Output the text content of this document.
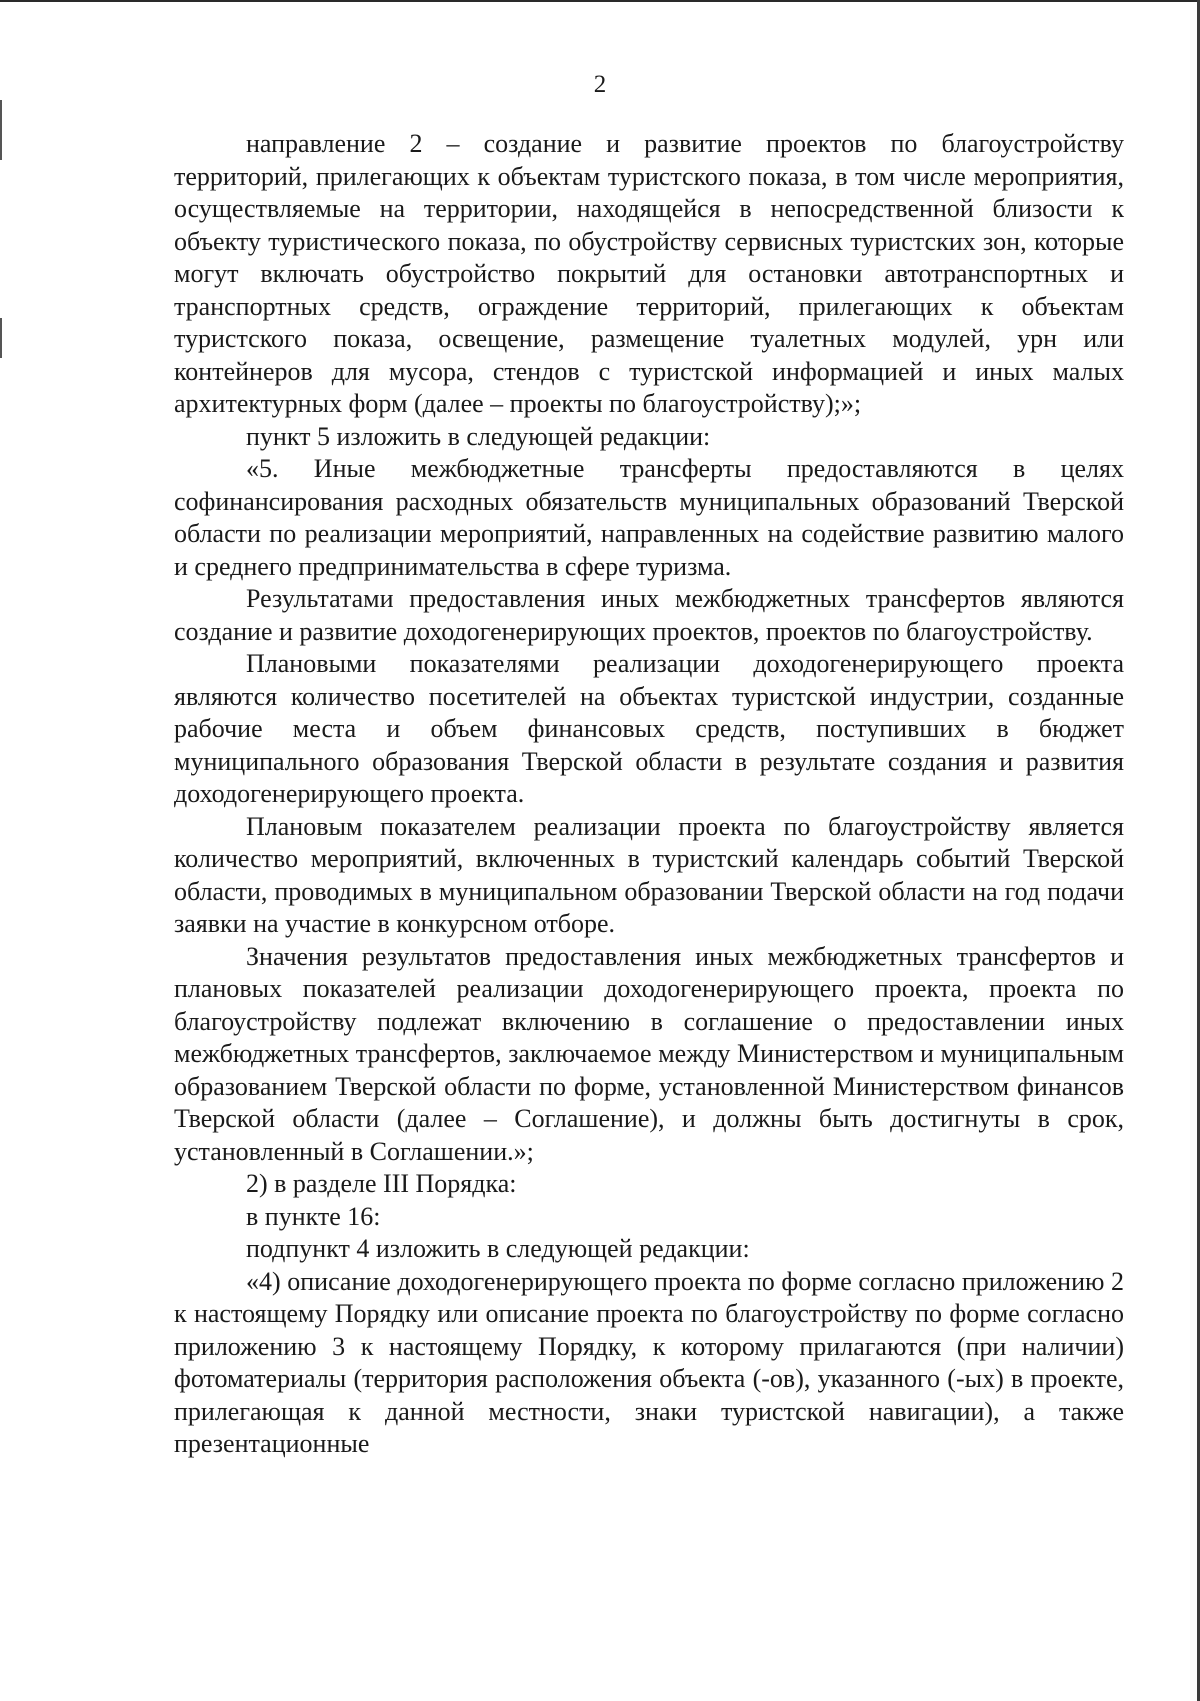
2

направление 2 – создание и развитие проектов по благоустройству территорий, прилегающих к объектам туристского показа, в том числе мероприятия, осуществляемые на территории, находящейся в непосредственной близости к объекту туристического показа, по обустройству сервисных туристских зон, которые могут включать обустройство покрытий для остановки автотранспортных и транспортных средств, ограждение территорий, прилегающих к объектам туристского показа, освещение, размещение туалетных модулей, урн или контейнеров для мусора, стендов с туристской информацией и иных малых архитектурных форм (далее – проекты по благоустройству);»;

пункт 5 изложить в следующей редакции:

«5. Иные межбюджетные трансферты предоставляются в целях софинансирования расходных обязательств муниципальных образований Тверской области по реализации мероприятий, направленных на содействие развитию малого и среднего предпринимательства в сфере туризма.

Результатами предоставления иных межбюджетных трансфертов являются создание и развитие доходогенерирующих проектов, проектов по благоустройству.

Плановыми показателями реализации доходогенерирующего проекта являются количество посетителей на объектах туристской индустрии, созданные рабочие места и объем финансовых средств, поступивших в бюджет муниципального образования Тверской области в результате создания и развития доходогенерирующего проекта.

Плановым показателем реализации проекта по благоустройству является количество мероприятий, включенных в туристский календарь событий Тверской области, проводимых в муниципальном образовании Тверской области на год подачи заявки на участие в конкурсном отборе.

Значения результатов предоставления иных межбюджетных трансфертов и плановых показателей реализации доходогенерирующего проекта, проекта по благоустройству подлежат включению в соглашение о предоставлении иных межбюджетных трансфертов, заключаемое между Министерством и муниципальным образованием Тверской области по форме, установленной Министерством финансов Тверской области (далее – Соглашение), и должны быть достигнуты в срок, установленный в Соглашении.»;

2) в разделе III Порядка:

в пункте 16:

подпункт 4 изложить в следующей редакции:

«4) описание доходогенерирующего проекта по форме согласно приложению 2 к настоящему Порядку или описание проекта по благоустройству по форме согласно приложению 3 к настоящему Порядку, к которому прилагаются (при наличии) фотоматериалы (территория расположения объекта (-ов), указанного (-ых) в проекте, прилегающая к данной местности, знаки туристской навигации), а также презентационные
